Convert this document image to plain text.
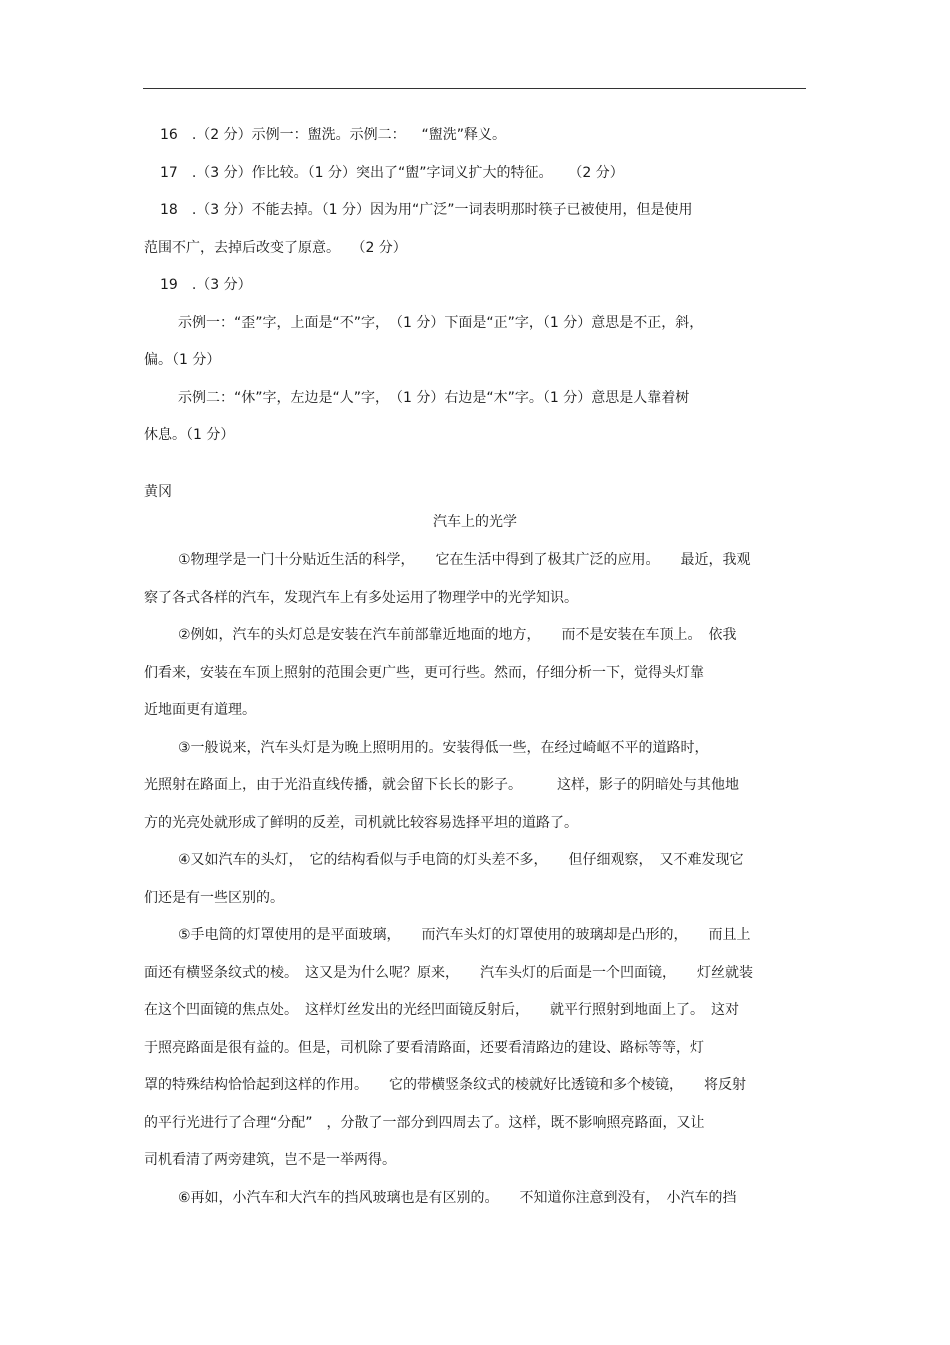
16　.（2 分）示例一：盥洗。示例二：　  “盥洗”释义。
17　.（3 分）作比较。（1 分）突出了“盥”字词义扩大的特征。　  （2 分）
18　.（3 分）不能去掉。（1 分）因为用“广泛”一词表明那时筷子已被使用，但是使用
范围不广，去掉后改变了原意。　 （2 分）
19　.（3 分）
示例一：“歪”字，上面是“不”字，　（1 分）下面是“正”字，（1 分）意思是不正，斜，
偏。（1 分）
示例二：“休”字，左边是“人”字，　（1 分）右边是“木”字。（1 分）意思是人靠着树
休息。（1 分）
黄冈
汽车上的光学
①物理学是一门十分贴近生活的科学，　　它在生活中得到了极其广泛的应用。　　最近，我观
察了各式各样的汽车，发现汽车上有多处运用了物理学中的光学知识。
②例如，汽车的头灯总是安装在汽车前部靠近地面的地方，　　而不是安装在车顶上。　依我
们看来，安装在车顶上照射的范围会更广些，更可行些。然而，仔细分析一下，觉得头灯靠
近地面更有道理。
③一般说来，汽车头灯是为晚上照明用的。安装得低一些，在经过崎岖不平的道路时，
光照射在路面上，由于光沿直线传播，就会留下长长的影子。　　　这样，影子的阴暗处与其他地
方的光亮处就形成了鲜明的反差，司机就比较容易选择平坦的道路了。
④又如汽车的头灯，　它的结构看似与手电筒的灯头差不多，　　但仔细观察，　又不难发现它
们还是有一些区别的。
⑤手电筒的灯罩使用的是平面玻璃，　　而汽车头灯的灯罩使用的玻璃却是凸形的，　　而且上
面还有横竖条纹式的棱。　这又是为什么呢？原来，　　汽车头灯的后面是一个凹面镜，　　灯丝就装
在这个凹面镜的焦点处。　这样灯丝发出的光经凹面镜反射后，　　就平行照射到地面上了。　这对
于照亮路面是很有益的。但是，司机除了要看清路面，还要看清路边的建设、路标等等，灯
罩的特殊结构恰恰起到这样的作用。　　它的带横竖条纹式的棱就好比透镜和多个棱镜，　　将反射
的平行光进行了合理“分配”　，分散了一部分到四周去了。这样，既不影响照亮路面，又让
司机看清了两旁建筑，岂不是一举两得。
⑥再如，小汽车和大汽车的挡风玻璃也是有区别的。　　不知道你注意到没有，　小汽车的挡
